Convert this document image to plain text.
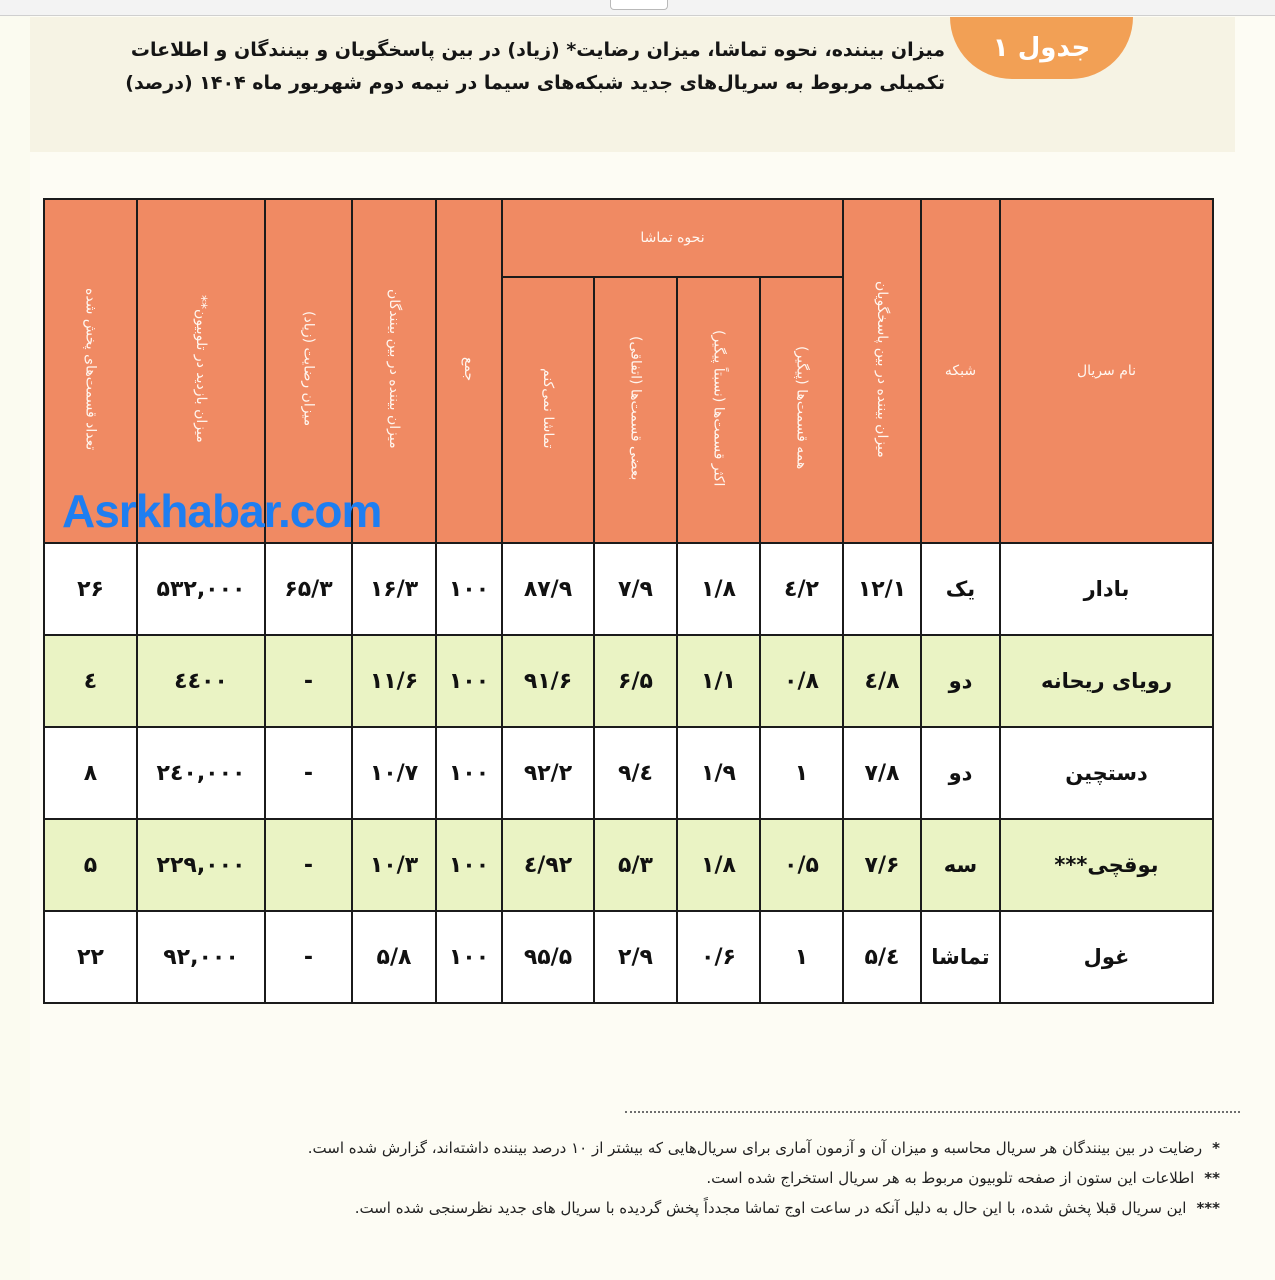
جدول ۱
میزان بیننده، نحوه تماشا، میزان رضایت* (زیاد) در بین پاسخگویان و بینندگان و اطلاعات تکمیلی مربوط به سریال‌های جدید شبکه‌های سیما در نیمه دوم شهریور ماه ۱۴۰۴ (درصد)
نام سریال	شبکه	میزان بیننده در بین پاسخگویان	نحوه تماشا				جمع	میزان بیننده در بین بینندگان	میزان رضایت (زیاد)	میزان بازدید در تلوبیون**	تعداد قسمت‌های پخش شده
			همه قسمت‌ها (پیگیر)	اکثر قسمت‌ها (نسبتاً پیگیر)	بعضی قسمت‌ها (اتفاقی)	تماشا نمی‌کنم					
بادار	یک	۱۲/۱	۲/٤	۱/۸	۷/۹	۸۷/۹	۱۰۰	۱۶/۳	۶۵/۳	۵۳۲,۰۰۰	۲۶
رویای ریحانه	دو	۸/٤	۰/۸	۱/۱	۶/۵	۹۱/۶	۱۰۰	۱۱/۶	-	٤٤۰۰	٤
دستچین	دو	۷/۸	۱	۱/۹	٤/۹	۹۲/۲	۱۰۰	۱۰/۷	-	۲٤۰,۰۰۰	۸
بوقچی***	سه	۷/۶	۰/۵	۱/۸	۵/۳	۹۲/٤	۱۰۰	۱۰/۳	-	۲۲۹,۰۰۰	۵
غول	تماشا	٤/۵	۱	۰/۶	۲/۹	۹۵/۵	۱۰۰	۵/۸	-	۹۲,۰۰۰	۲۲
Asrkhabar.com
*رضایت در بین بینندگان هر سریال محاسبه و میزان آن و آزمون آماری برای سریال‌هایی که بیشتر از ۱۰ درصد بیننده داشته‌اند، گزارش شده است.
**اطلاعات این ستون از صفحه تلوبیون مربوط به هر سریال استخراج شده است.
***این سریال قبلا پخش شده، با این حال به دلیل آنکه در ساعت اوج تماشا مجدداً پخش گردیده با سریال های جدید نظرسنجی شده است.
